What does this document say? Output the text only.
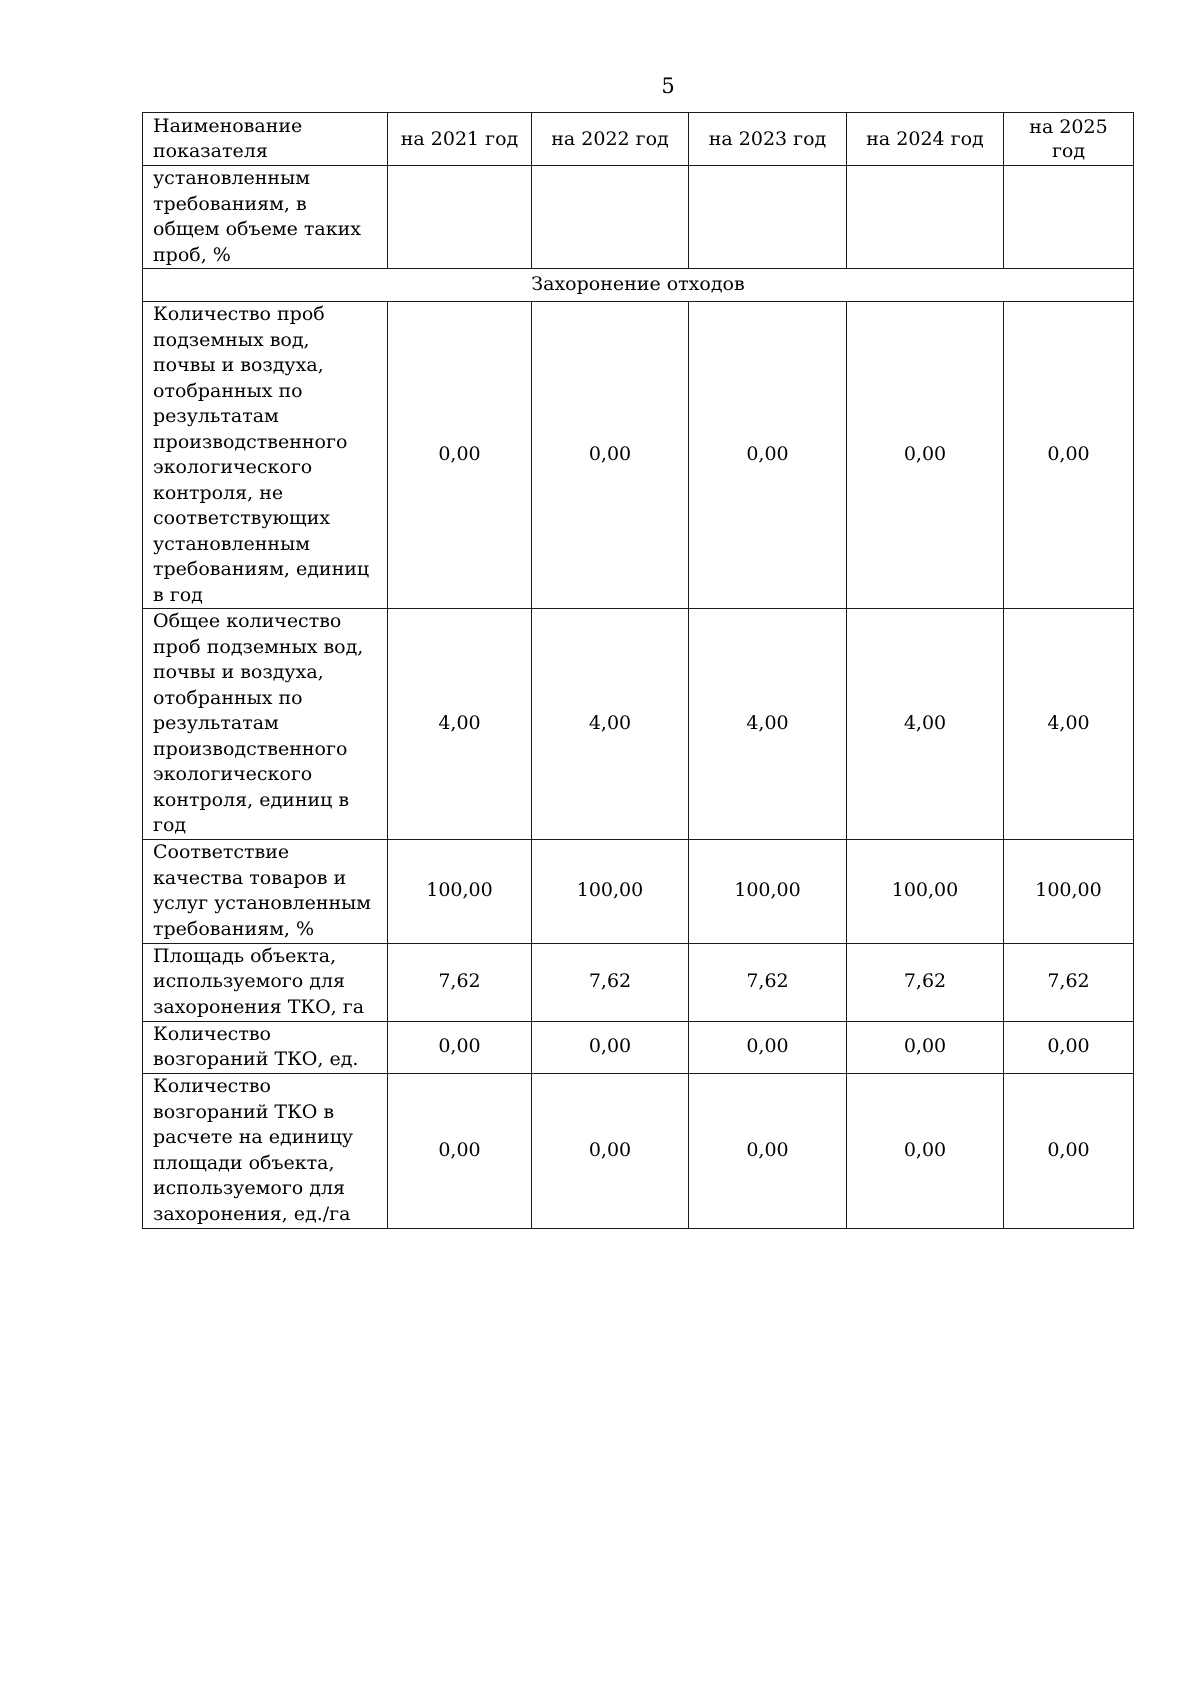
5
Наименование показателя	на 2021 год	на 2022 год	на 2023 год	на 2024 год	на 2025 год
установленным требованиям, в общем объеме таких проб, %					
Захоронение отходов					
Количество проб подземных вод, почвы и воздуха, отобранных по результатам производственного экологического контроля, не соответствующих установленным требованиям, единиц в год	0,00	0,00	0,00	0,00	0,00
Общее количество проб подземных вод, почвы и воздуха, отобранных по результатам производственного экологического контроля, единиц в год	4,00	4,00	4,00	4,00	4,00
Соответствие качества товаров и услуг установленным требованиям, %	100,00	100,00	100,00	100,00	100,00
Площадь объекта, используемого для захоронения ТКО, га	7,62	7,62	7,62	7,62	7,62
Количество возгораний ТКО, ед.	0,00	0,00	0,00	0,00	0,00
Количество возгораний ТКО в расчете на единицу площади объекта, используемого для захоронения, ед./га	0,00	0,00	0,00	0,00	0,00
